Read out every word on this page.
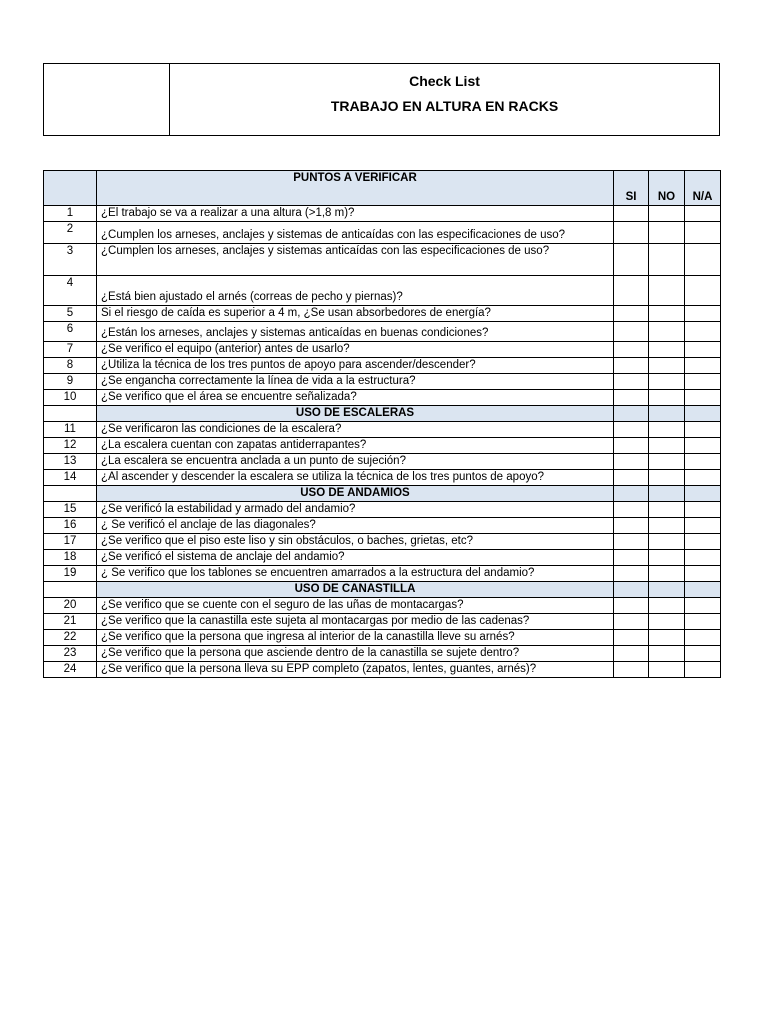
Check List
TRABAJO EN ALTURA EN RACKS
	PUNTOS A VERIFICAR	SI	NO	N/A
1	¿El trabajo se va a realizar a una altura (>1,8 m)?			
2	¿Cumplen los arneses, anclajes y sistemas de anticaídas con las especificaciones de uso?			
3	¿Cumplen los arneses, anclajes y sistemas anticaídas con las especificaciones de uso?			
4	¿Está bien ajustado el arnés (correas de pecho y piernas)?			
5	Si el riesgo de caída es superior a 4 m, ¿Se usan absorbedores de energía?			
6	¿Están los arneses, anclajes y sistemas anticaídas en buenas condiciones?			
7	¿Se verifico el equipo (anterior) antes de usarlo?			
8	¿Utiliza la técnica de los tres puntos de apoyo para ascender/descender?			
9	¿Se engancha correctamente la línea de vida a la estructura?			
10	¿Se verifico que el área se encuentre señalizada?			
	USO DE ESCALERAS			
11	¿Se verificaron las condiciones de la escalera?			
12	¿La escalera cuentan con zapatas antiderrapantes?			
13	¿La escalera se encuentra anclada a un punto de sujeción?			
14	¿Al ascender y descender la escalera se utiliza la técnica de los tres puntos de apoyo?			
	USO DE ANDAMIOS			
15	¿Se verificó la estabilidad y armado del andamio?			
16	¿ Se verificó el anclaje de las diagonales?			
17	¿Se verifico que el piso este liso y sin obstáculos, o baches, grietas, etc?			
18	¿Se verificó el sistema de anclaje del andamio?			
19	¿ Se verifico que los tablones se encuentren amarrados a la estructura del andamio?			
	USO DE CANASTILLA			
20	¿Se verifico que se cuente con el seguro de las uñas de montacargas?			
21	¿Se verifico que la canastilla este sujeta al montacargas por medio de las cadenas?			
22	¿Se verifico que la persona que ingresa al interior de la canastilla lleve su arnés?			
23	¿Se verifico que la persona que asciende dentro de la canastilla se sujete dentro?			
24	¿Se verifico que la persona lleva su EPP completo (zapatos, lentes, guantes, arnés)?			
